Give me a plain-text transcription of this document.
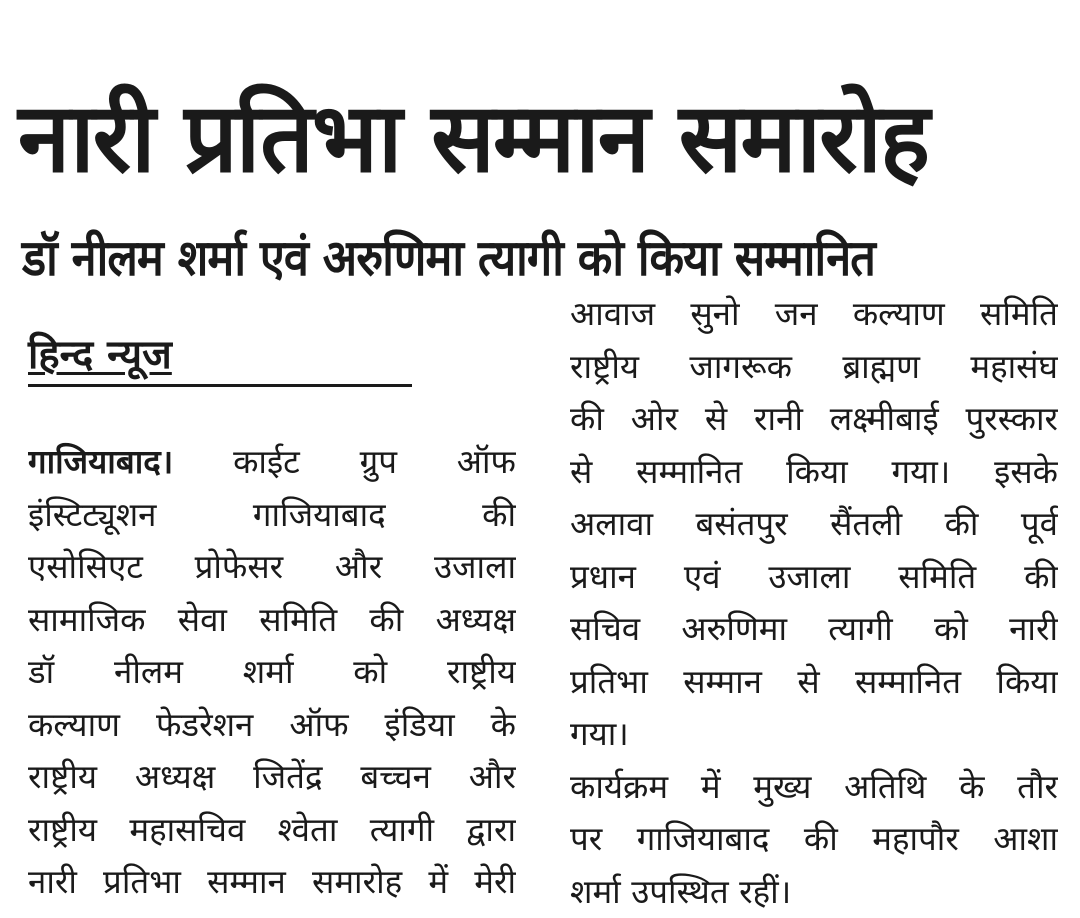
नारी प्रतिभा सम्मान समारोह
डॉ नीलम शर्मा एवं अरुणिमा त्यागी को किया सम्मानित
हिन्द न्यूज
गाजियाबाद। काईट ग्रुप ऑफ
इंस्टिट्यूशन गाजियाबाद की
एसोसिएट प्रोफेसर और उजाला
सामाजिक सेवा समिति की अध्यक्ष
डॉ नीलम शर्मा को राष्ट्रीय
कल्याण फेडरेशन ऑफ इंडिया के
राष्ट्रीय अध्यक्ष जितेंद्र बच्चन और
राष्ट्रीय महासचिव श्वेता त्यागी द्वारा
नारी प्रतिभा सम्मान समारोह में मेरी
आवाज सुनो जन कल्याण समिति
राष्ट्रीय जागरूक ब्राह्मण महासंघ
की ओर से रानी लक्ष्मीबाई पुरस्कार
से सम्मानित किया गया। इसके
अलावा बसंतपुर सैंतली की पूर्व
प्रधान एवं उजाला समिति की
सचिव अरुणिमा त्यागी को नारी
प्रतिभा सम्मान से सम्मानित किया
गया।
कार्यक्रम में मुख्य अतिथि के तौर
पर गाजियाबाद की महापौर आशा
शर्मा उपस्थित रहीं।
